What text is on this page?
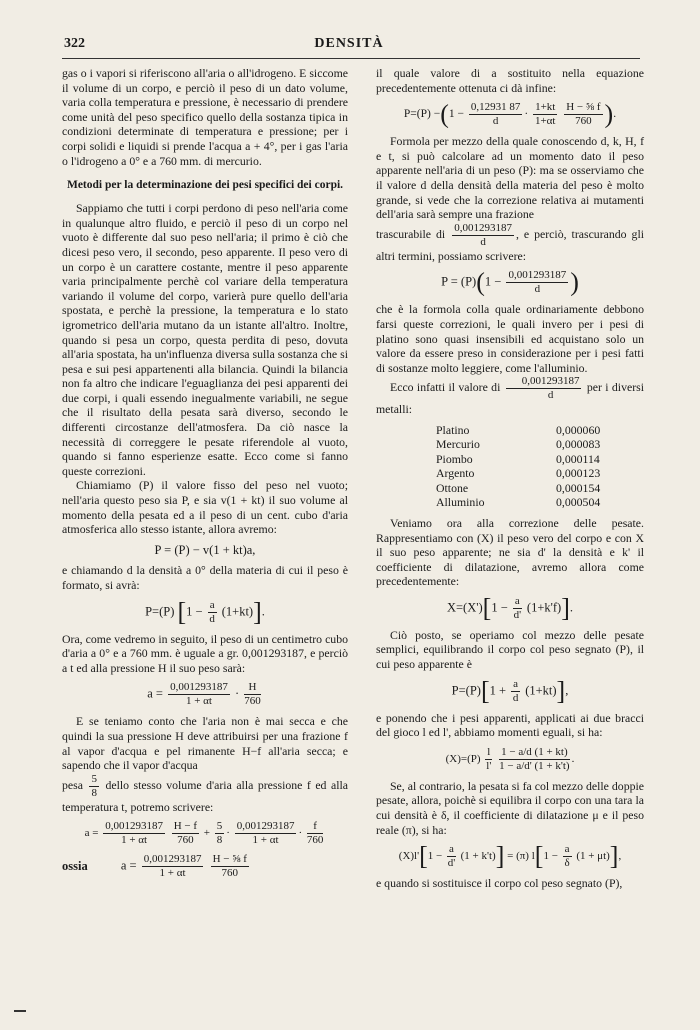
322	DENSITÀ

gas o i vapori si riferiscono all'aria o all'idrogeno. E siccome il volume di un corpo, e perciò il peso di un dato volume, varia colla temperatura e pressione, è necessario di prendere come unità del peso specifico quello della sostanza tipica in condizioni determinate di temperatura e pressione; per i corpi solidi e liquidi si prende l'acqua a + 4°, per i gas l'aria o l'idrogeno a 0° e a 760 mm. di mercurio.

Metodi per la determinazione dei pesi specifici dei corpi.

Sappiamo che tutti i corpi perdono di peso nell'aria come in qualunque altro fluido, e perciò il peso di un corpo nel vuoto è differente dal suo peso nell'aria; il primo è ciò che dicesi peso vero, il secondo, peso apparente. Il peso vero di un corpo è un carattere costante, mentre il peso apparente varia principalmente perchè col variare della temperatura variando il volume del corpo, varierà pure quello dell'aria spostata, e perchè la pressione, la temperatura e lo stato igrometrico dell'aria mutano da un istante all'altro. Inoltre, quando si pesa un corpo, questa perdita di peso, dovuta all'aria spostata, ha un'influenza diversa sulla sostanza che si pesa e sui pesi appartenenti alla bilancia. Quindi la bilancia non fa altro che indicare l'eguaglianza dei pesi apparenti dei due corpi, i quali essendo inegualmente variabili, ne segue che il risultato della pesata sarà diverso, secondo le differenti circostanze dell'atmosfera. Da ciò nasce la necessità di correggere le pesate riferendole al vuoto, quando si fanno esperienze esatte. Ecco come si fanno queste correzioni.

Chiamiamo (P) il valore fisso del peso nel vuoto; nell'aria questo peso sia P, e sia v(1 + kt) il suo volume al momento della pesata ed a il peso di un cent. cubo d'aria atmosferica allo stesso istante, allora avremo:

P = (P) − v(1 + kt)a,

e chiamando d la densità a 0° della materia di cui il peso è formato, si avrà:

P=(P) $[1 - \frac{a}{d} (1+kt)]$.

Ora, come vedremo in seguito, il peso di un centimetro cubo d'aria a 0° e a 760 mm. è uguale a gr. 0,001293187, e perciò a t ed alla pressione H il suo peso sarà:

$a = \frac{0,001293187}{1 + \alpha t} \cdot \frac{H}{760}$

E se teniamo conto che l'aria non è mai secca e che quindi la sua pressione H deve attribuirsi per una frazione f al vapor d'acqua e pel rimanente H−f all'aria secca; e sapendo che il vapor d'acqua

pesa $\frac{5}{8}$ dello stesso volume d'aria alla pressione f ed alla temperatura t, potremo scrivere:

$a = \frac{0,001293187}{1 + \alpha t}$
$\frac{H - f}{760} + \frac{5}{8} \cdot \frac{0,001293187}{1 + \alpha t} \cdot \frac{f}{760}$
ossia	$a = \frac{0,001293187}{1 + \alpha t}$
$\frac{\text{H − ⅝ f}}{760}$

il quale valore di a sostituito nella equazione precedentemente ottenuta ci dà infine:

$P=(P) -(1 - \frac{0,12931 87}{d} \cdot \frac{1+kt}{1+\alpha t}$
$\frac{\text{H − ⅝ f}}{760}$ ).

Formola per mezzo della quale conoscendo d, k, H, f e t, si può calcolare ad un momento dato il peso apparente nell'aria di un peso (P): ma se osserviamo che il valore d della densità della materia del peso è molto grande, si vede che la correzione relativa ai mutamenti dell'aria sarà sempre una frazione

trascurabile di $\frac{0,001293187}{d}$ , e perciò, trascurando gli altri termini, possiamo scrivere:

$P = (P)(1 - \frac{0,001293187}{d}$ )

che è la formola colla quale ordinariamente debbono farsi queste correzioni, le quali invero per i pesi di platino sono quasi insensibili ed acquistano solo un valore da essere preso in considerazione per i pesi fatti di sostanze molto leggiere, come l'alluminio.

Ecco infatti il valore di $\frac{0,001293187}{d}$ per i diversi metalli:

Platino	0,000060
Mercurio	0,000083
Piombo	0,000114
Argento	0,000123
Ottone	0,000154
Alluminio	0,000504

Veniamo ora alla correzione delle pesate. Rappresentiamo con (X) il peso vero del corpo e con X il suo peso apparente; ne sia d' la densità e k' il coefficiente di dilatazione, avremo allora come precedentemente:

$X=(X')[1 - \frac{a}{d'} (1+k'f)]$.

Ciò posto, se operiamo col mezzo delle pesate semplici, equilibrando il corpo col peso segnato (P), il cui peso apparente è

$P=(P)[1 + \frac{a}{d} (1+kt)]$,

e ponendo che i pesi apparenti, applicati ai due bracci del gioco l ed l', abbiamo momenti eguali, si ha:

$(X)=(P) \frac{l}{l'}$
$\frac{1 - a/d (1 + kt)}{1 - a/d' (1 + k't)}$ .

Se, al contrario, la pesata si fa col mezzo delle doppie pesate, allora, poichè si equilibra il corpo con una tara la cui densità è δ, il coefficiente di dilatazione μ e il peso reale (π), si ha:

$(X)l'[1 - \frac{a}{d'} (1 + k't)] = (\pi) l[1 - \frac{a}{\delta} (1 + \mu t)]$,

e quando si sostituisce il corpo col peso segnato (P),
